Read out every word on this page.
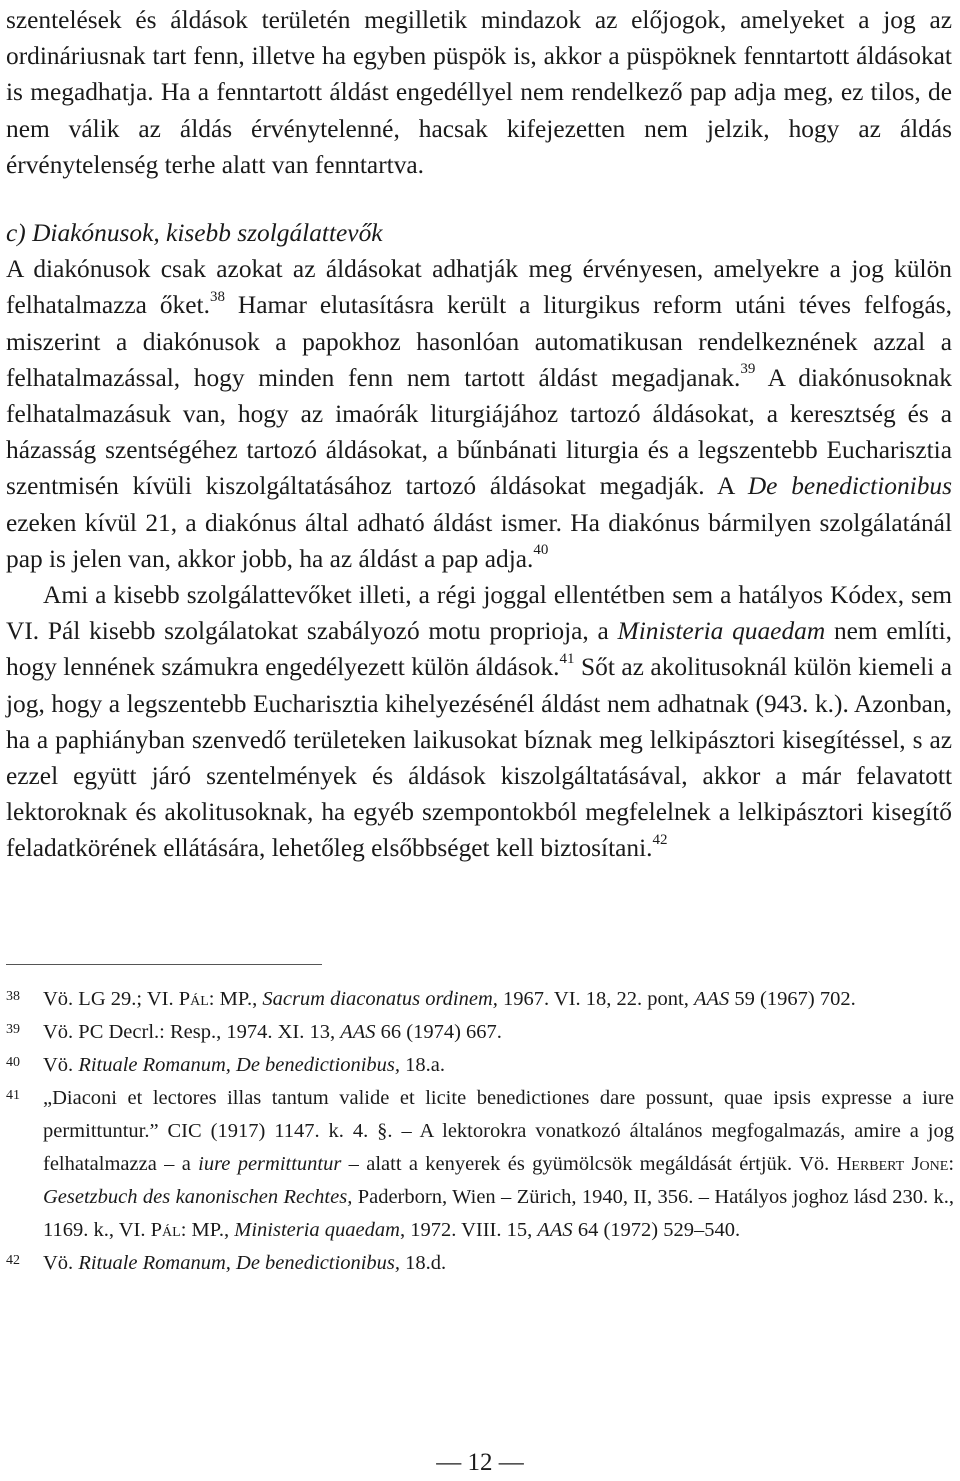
szentelések és áldások területén megilletik mindazok az előjogok, amelyeket a jog az ordináriusnak tart fenn, illetve ha egyben püspök is, akkor a püspöknek fenntartott áldásokat is megadhatja. Ha a fenntartott áldást engedéllyel nem rendelkező pap adja meg, ez tilos, de nem válik az áldás érvénytelenné, hacsak kifejezetten nem jelzik, hogy az áldás érvénytelenség terhe alatt van fenntartva.

c) Diakónusok, kisebb szolgálattevők

A diakónusok csak azokat az áldásokat adhatják meg érvényesen, amelyekre a jog külön felhatalmazza őket.$^{38}$ Hamar elutasításra került a liturgikus reform utáni téves felfogás, miszerint a diakónusok a papokhoz hasonlóan automatikusan rendelkeznének azzal a felhatalmazással, hogy minden fenn nem tartott áldást megadjanak.$^{39}$ A diakónusoknak felhatalmazásuk van, hogy az imaórák liturgiájához tartozó áldásokat, a keresztség és a házasság szentségéhez tartozó áldásokat, a bűnbánati liturgia és a legszentebb Eucharisztia szentmisén kívüli kiszolgáltatásához tartozó áldásokat megadják. A De benedictionibus ezeken kívül 21, a diakónus által adható áldást ismer. Ha diakónus bármilyen szolgálatánál pap is jelen van, akkor jobb, ha az áldást a pap adja.$^{40}$

Ami a kisebb szolgálattevőket illeti, a régi joggal ellentétben sem a hatályos Kódex, sem VI. Pál kisebb szolgálatokat szabályozó motu proprioja, a Ministeria quaedam nem említi, hogy lennének számukra engedélyezett külön áldások.$^{41}$ Sőt az akolitusoknál külön kiemeli a jog, hogy a legszentebb Eucharisztia kihelyezésénél áldást nem adhatnak (943. k.). Azonban, ha a paphiányban szenvedő területeken laikusokat bíznak meg lelkipásztori kisegítéssel, s az ezzel együtt járó szentelmények és áldások kiszolgáltatásával, akkor a már felavatott lektoroknak és akolitusoknak, ha egyéb szempontokból megfelelnek a lelkipásztori kisegítő feladatkörének ellátására, lehetőleg elsőbbséget kell biztosítani.$^{42}$

38	Vö. LG 29.; VI. Pál: MP., Sacrum diaconatus ordinem, 1967. VI. 18, 22. pont, AAS 59 (1967) 702.
39	Vö. PC Decrl.: Resp., 1974. XI. 13, AAS 66 (1974) 667.
40	Vö. Rituale Romanum, De benedictionibus, 18.a.
41	„Diaconi et lectores illas tantum valide et licite benedictiones dare possunt, quae ipsis expresse a iure permittuntur.” CIC (1917) 1147. k. 4. §. – A lektorokra vonatkozó általános megfogalmazás, amire a jog felhatalmazza – a iure permittuntur – alatt a kenyerek és gyümölcsök megáldását értjük. Vö. Herbert Jone: Gesetzbuch des kanonischen Rechtes, Paderborn, Wien – Zürich, 1940, II, 356. – Hatályos joghoz lásd 230. k., 1169. k., VI. Pál: MP., Ministeria quaedam, 1972. VIII. 15, AAS 64 (1972) 529–540.
42	Vö. Rituale Romanum, De benedictionibus, 18.d.
— 12 —
